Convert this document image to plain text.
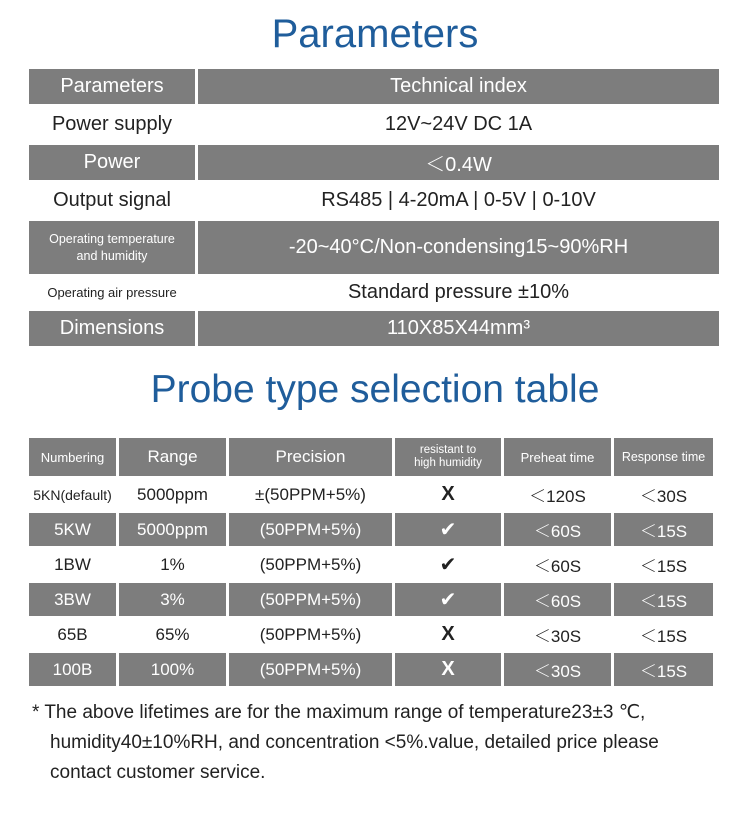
Parameters
Parameters	Technical index
Power supply	12V~24V DC 1A
Power	＜0.4W
Output signal	RS485 | 4-20mA | 0-5V | 0-10V
Operating temperature
and humidity	-20~40°C/Non-condensing15~90%RH
Operating air pressure	Standard pressure ±10%
Dimensions	110X85X44mm³
Probe type selection table
Numbering	Range	Precision	resistant to
high humidity	Preheat time	Response time
5KN(default)	5000ppm	±(50PPM+5%)	X	＜120S	＜30S
5KW	5000ppm	(50PPM+5%)	✔	＜60S	＜15S
1BW	1%	(50PPM+5%)	✔	＜60S	＜15S
3BW	3%	(50PPM+5%)	✔	＜60S	＜15S
65B	65%	(50PPM+5%)	X	＜30S	＜15S
100B	100%	(50PPM+5%)	X	＜30S	＜15S
* The above lifetimes are for the maximum range of temperature23±3 ℃,
humidity40±10%RH, and concentration <5%.value, detailed price please
contact customer service.
